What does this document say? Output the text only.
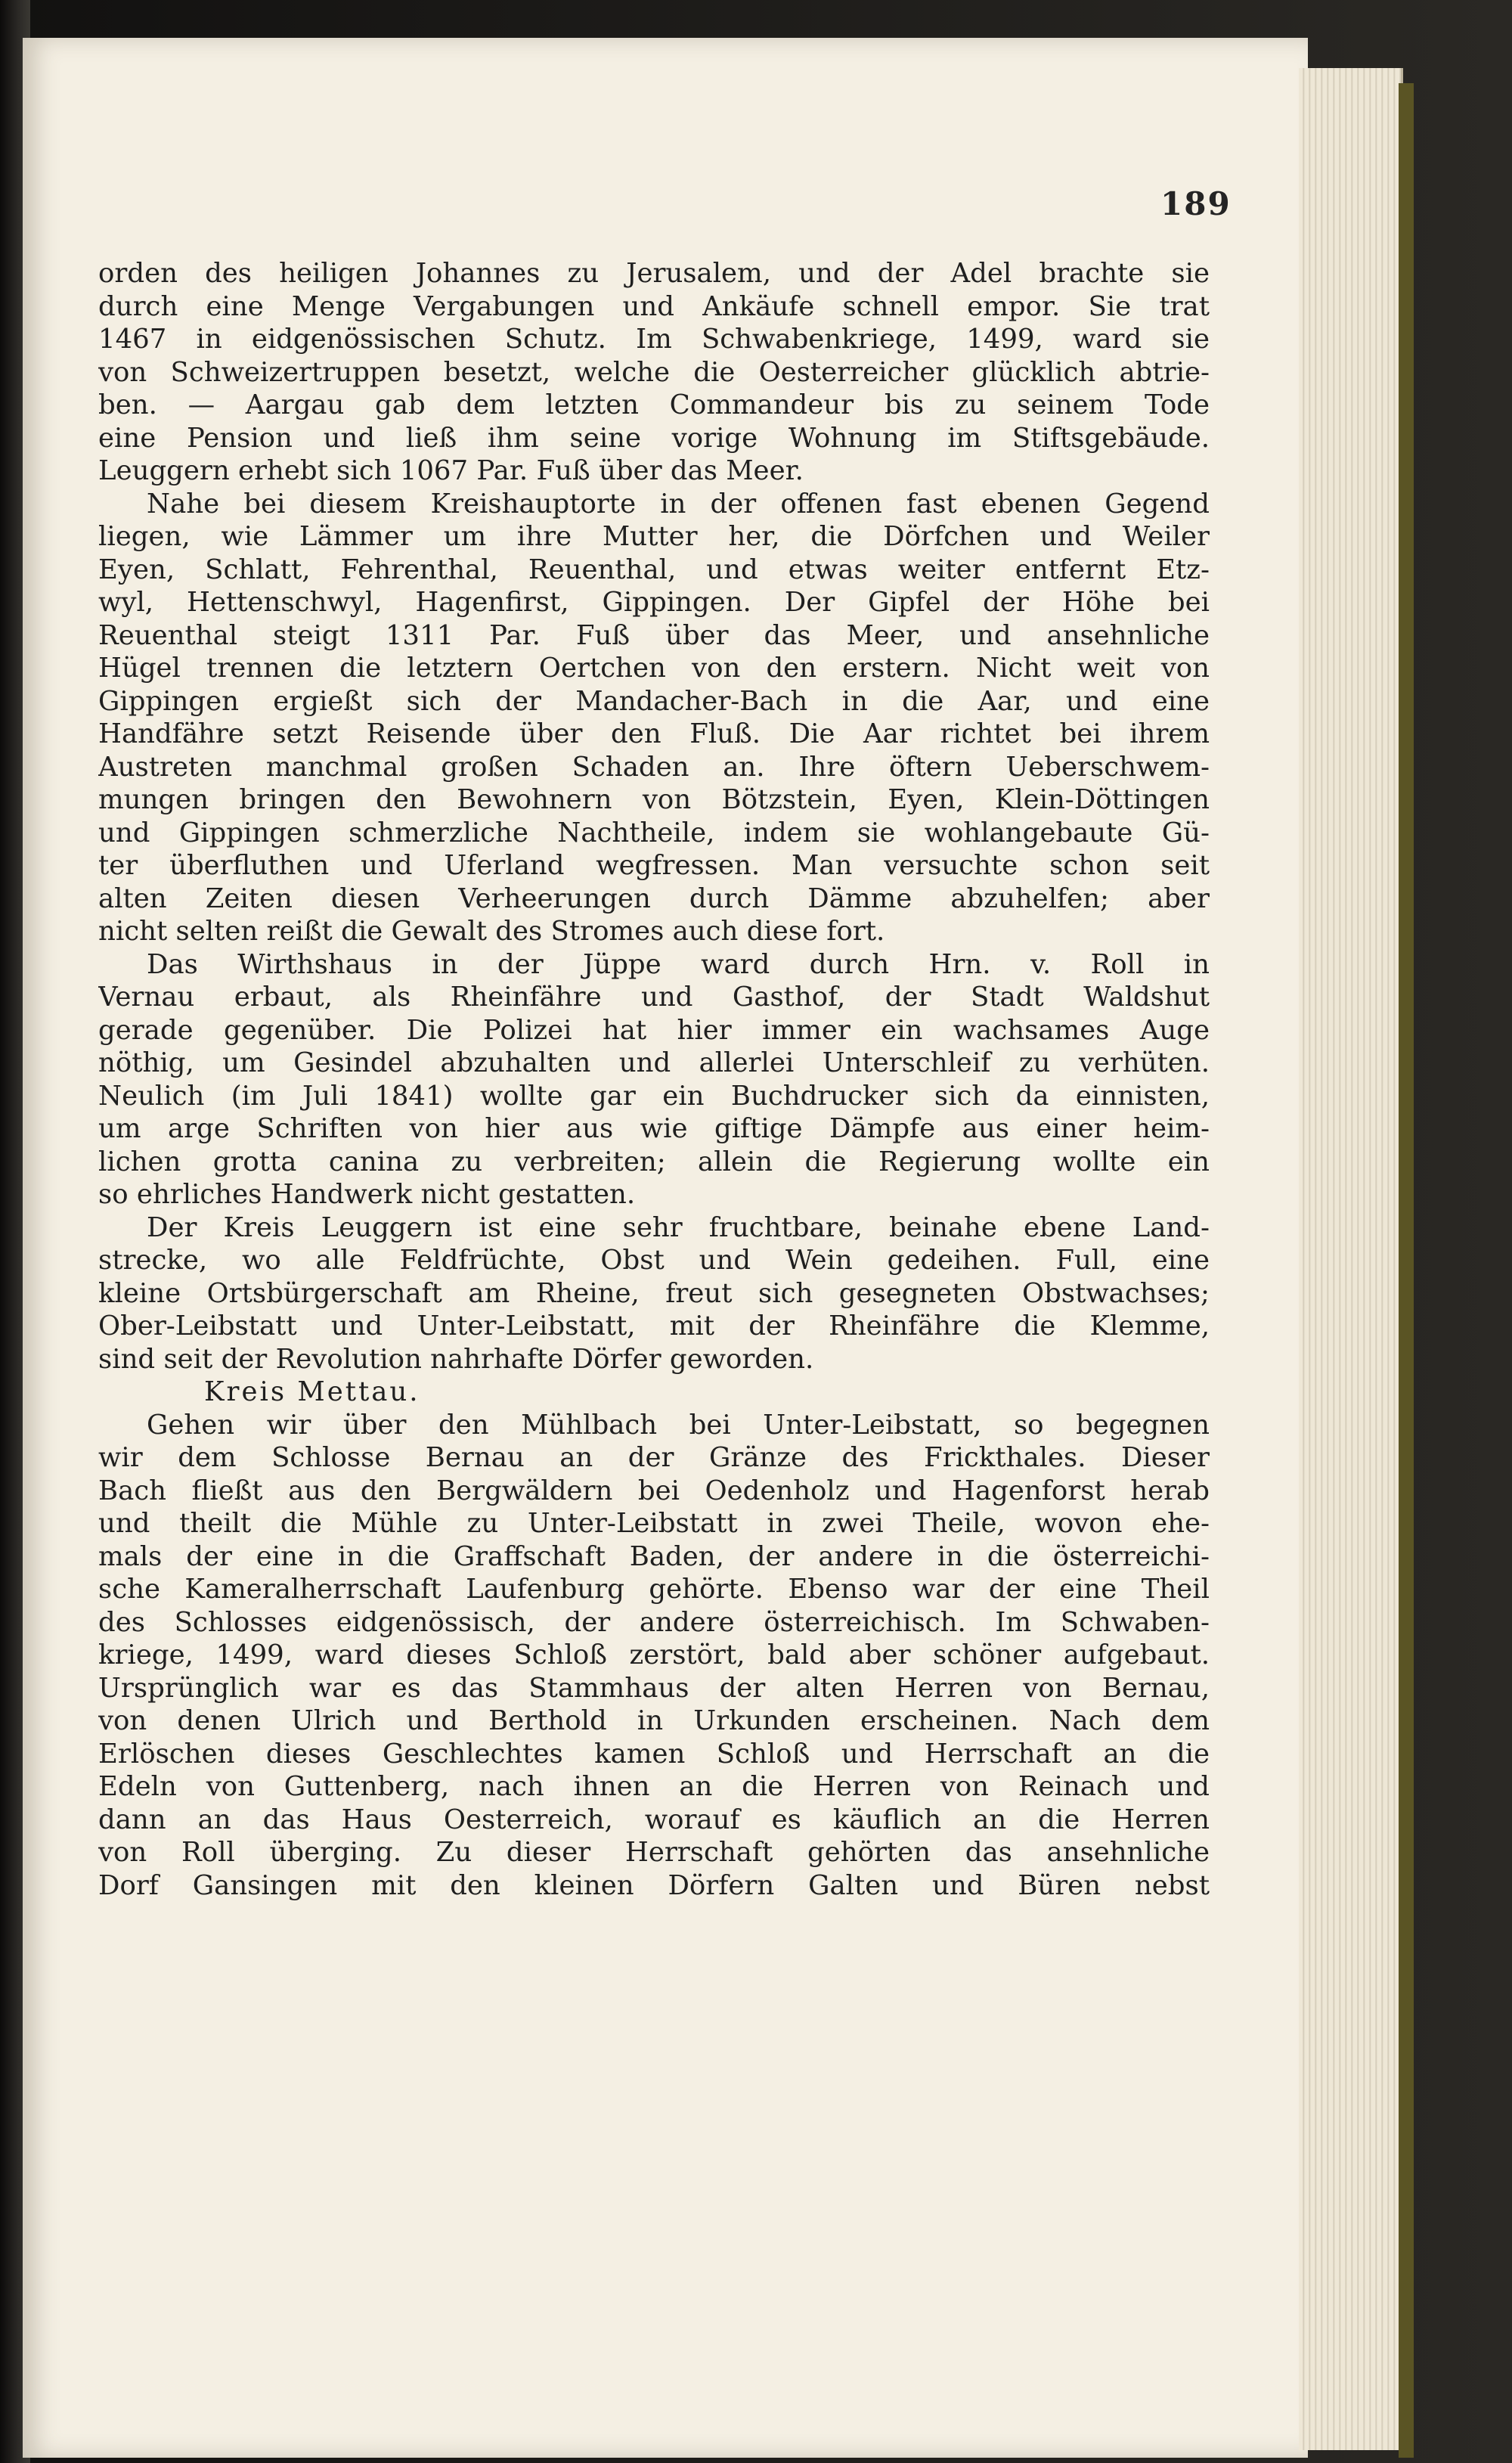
189
orden des heiligen Johannes zu Jerusalem, und der Adel brachte sie
durch eine Menge Vergabungen und Ankäufe schnell empor. Sie trat
1467 in eidgenössischen Schutz. Im Schwabenkriege, 1499, ward sie
von Schweizertruppen besetzt, welche die Oesterreicher glücklich abtrie-
ben. — Aargau gab dem letzten Commandeur bis zu seinem Tode
eine Pension und ließ ihm seine vorige Wohnung im Stiftsgebäude.
Leuggern erhebt sich 1067 Par. Fuß über das Meer.
Nahe bei diesem Kreishauptorte in der offenen fast ebenen Gegend
liegen, wie Lämmer um ihre Mutter her, die Dörfchen und Weiler
Eyen, Schlatt, Fehrenthal, Reuenthal, und etwas weiter entfernt Etz-
wyl, Hettenschwyl, Hagenfirst, Gippingen. Der Gipfel der Höhe bei
Reuenthal steigt 1311 Par. Fuß über das Meer, und ansehnliche
Hügel trennen die letztern Oertchen von den erstern. Nicht weit von
Gippingen ergießt sich der Mandacher-Bach in die Aar, und eine
Handfähre setzt Reisende über den Fluß. Die Aar richtet bei ihrem
Austreten manchmal großen Schaden an. Ihre öftern Ueberschwem-
mungen bringen den Bewohnern von Bötzstein, Eyen, Klein-Döttingen
und Gippingen schmerzliche Nachtheile, indem sie wohlangebaute Gü-
ter überfluthen und Uferland wegfressen. Man versuchte schon seit
alten Zeiten diesen Verheerungen durch Dämme abzuhelfen; aber
nicht selten reißt die Gewalt des Stromes auch diese fort.
Das Wirthshaus in der Jüppe ward durch Hrn. v. Roll in
Vernau erbaut, als Rheinfähre und Gasthof, der Stadt Waldshut
gerade gegenüber. Die Polizei hat hier immer ein wachsames Auge
nöthig, um Gesindel abzuhalten und allerlei Unterschleif zu verhüten.
Neulich (im Juli 1841) wollte gar ein Buchdrucker sich da einnisten,
um arge Schriften von hier aus wie giftige Dämpfe aus einer heim-
lichen grotta canina zu verbreiten; allein die Regierung wollte ein
so ehrliches Handwerk nicht gestatten.
Der Kreis Leuggern ist eine sehr fruchtbare, beinahe ebene Land-
strecke, wo alle Feldfrüchte, Obst und Wein gedeihen. Full, eine
kleine Ortsbürgerschaft am Rheine, freut sich gesegneten Obstwachses;
Ober-Leibstatt und Unter-Leibstatt, mit der Rheinfähre die Klemme,
sind seit der Revolution nahrhafte Dörfer geworden.
Kreis Mettau.
Gehen wir über den Mühlbach bei Unter-Leibstatt, so begegnen
wir dem Schlosse Bernau an der Gränze des Frickthales. Dieser
Bach fließt aus den Bergwäldern bei Oedenholz und Hagenforst herab
und theilt die Mühle zu Unter-Leibstatt in zwei Theile, wovon ehe-
mals der eine in die Graffschaft Baden, der andere in die österreichi-
sche Kameralherrschaft Laufenburg gehörte. Ebenso war der eine Theil
des Schlosses eidgenössisch, der andere österreichisch. Im Schwaben-
kriege, 1499, ward dieses Schloß zerstört, bald aber schöner aufgebaut.
Ursprünglich war es das Stammhaus der alten Herren von Bernau,
von denen Ulrich und Berthold in Urkunden erscheinen. Nach dem
Erlöschen dieses Geschlechtes kamen Schloß und Herrschaft an die
Edeln von Guttenberg, nach ihnen an die Herren von Reinach und
dann an das Haus Oesterreich, worauf es käuflich an die Herren
von Roll überging. Zu dieser Herrschaft gehörten das ansehnliche
Dorf Gansingen mit den kleinen Dörfern Galten und Büren nebst
